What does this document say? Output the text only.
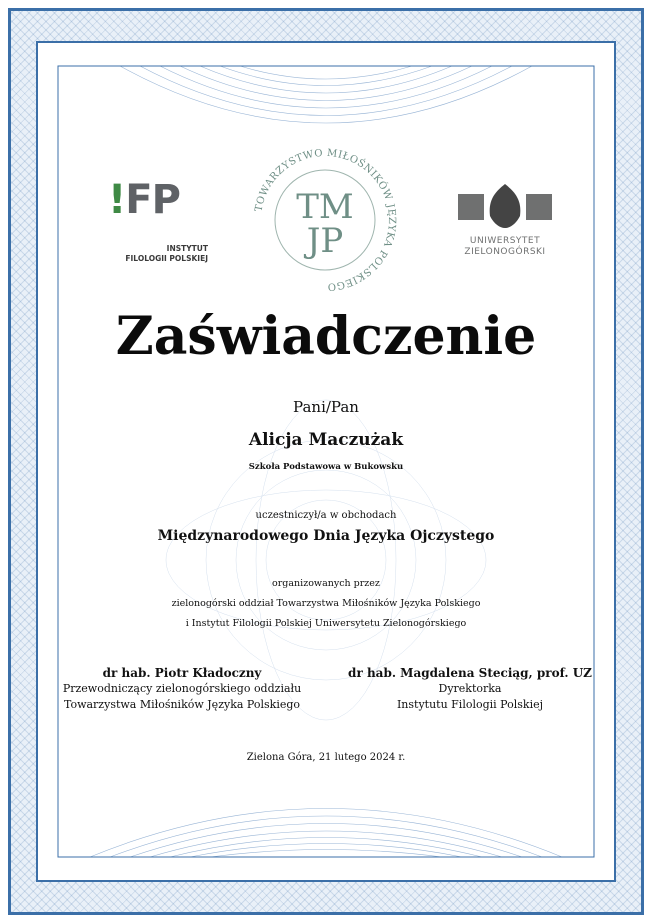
!FP
INSTYTUT
FILOLOGII POLSKIEJ
TOWARZYSTWO MIŁOŚNIKÓW JĘZYKA POLSKIEGO
TM
JP	UNIWERSYTET
ZIELONOGÓRSKI
Zaświadczenie
Pani/Pan
Alicja Maczużak
Szkoła Podstawowa w Bukowsku
uczestniczył/a w obchodach
Międzynarodowego Dnia Języka Ojczystego
organizowanych przez
zielonogórski oddział Towarzystwa Miłośników Języka Polskiego
i Instytut Filologii Polskiej Uniwersytetu Zielonogórskiego
dr hab. Piotr Kładoczny
Przewodniczący zielonogórskiego oddziału
Towarzystwa Miłośników Języka Polskiego
dr hab. Magdalena Steciąg, prof. UZ
Dyrektorka
Instytutu Filologii Polskiej
Zielona Góra, 21 lutego 2024 r.
